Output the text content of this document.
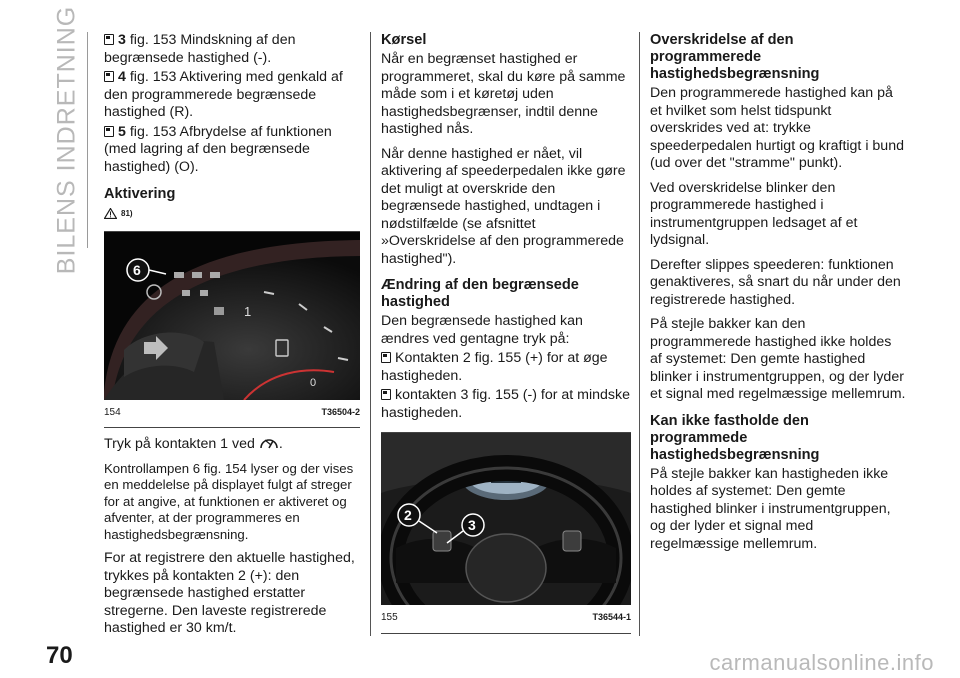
BILENS INDRETNING	3 fig. 153 Mindskning af den begrænsede hastighed (-).

4 fig. 153 Aktivering med genkald af den programmerede begrænsede hastighed (R).

5 fig. 153 Afbrydelse af funktionen (med lagring af den begrænsede hastighed) (O).

Aktivering
81)
1
0
6
154	T36504-2

Tryk på kontakten 1 ved .

Kontrollampen 6 fig. 154 lyser og der vises en meddelelse på displayet fulgt af streger for at angive, at funktionen er aktiveret og afventer, at der programmeres en hastighedsbegrænsning.

For at registrere den aktuelle hastighed, trykkes på kontakten 2 (+): den begrænsede hastighed erstatter stregerne. Den laveste registrerede hastighed er 30 km/t.

Kørsel

Når en begrænset hastighed er programmeret, skal du køre på samme måde som i et køretøj uden hastighedsbegrænser, indtil denne hastighed nås.

Når denne hastighed er nået, vil aktivering af speederpedalen ikke gøre det muligt at overskride den begrænsede hastighed, undtagen i nødstilfælde (se afsnittet »Overskridelse af den programmerede hastighed").

Ændring af den begrænsede hastighed

Den begrænsede hastighed kan ændres ved gentagne tryk på:

Kontakten 2 fig. 155 (+) for at øge hastigheden.

kontakten 3 fig. 155 (-) for at mindske hastigheden.

288
2
3
155	T36544-1
Overskridelse af den programmerede hastighedsbegrænsning

Den programmerede hastighed kan på et hvilket som helst tidspunkt overskrides ved at: trykke speederpedalen hurtigt og kraftigt i bund (ud over det "stramme" punkt).

Ved overskridelse blinker den programmerede hastighed i instrumentgruppen ledsaget af et lydsignal.

Derefter slippes speederen: funktionen genaktiveres, så snart du når under den registrerede hastighed.

På stejle bakker kan den programmerede hastighed ikke holdes af systemet: Den gemte hastighed blinker i instrumentgruppen, og der lyder et signal med regelmæssige mellemrum.

Kan ikke fastholde den programmede hastighedsbegrænsning

På stejle bakker kan hastigheden ikke holdes af systemet: Den gemte hastighed blinker i instrumentgruppen, og der lyder et signal med regelmæssige mellemrum.

70	carmanualsonline.info
